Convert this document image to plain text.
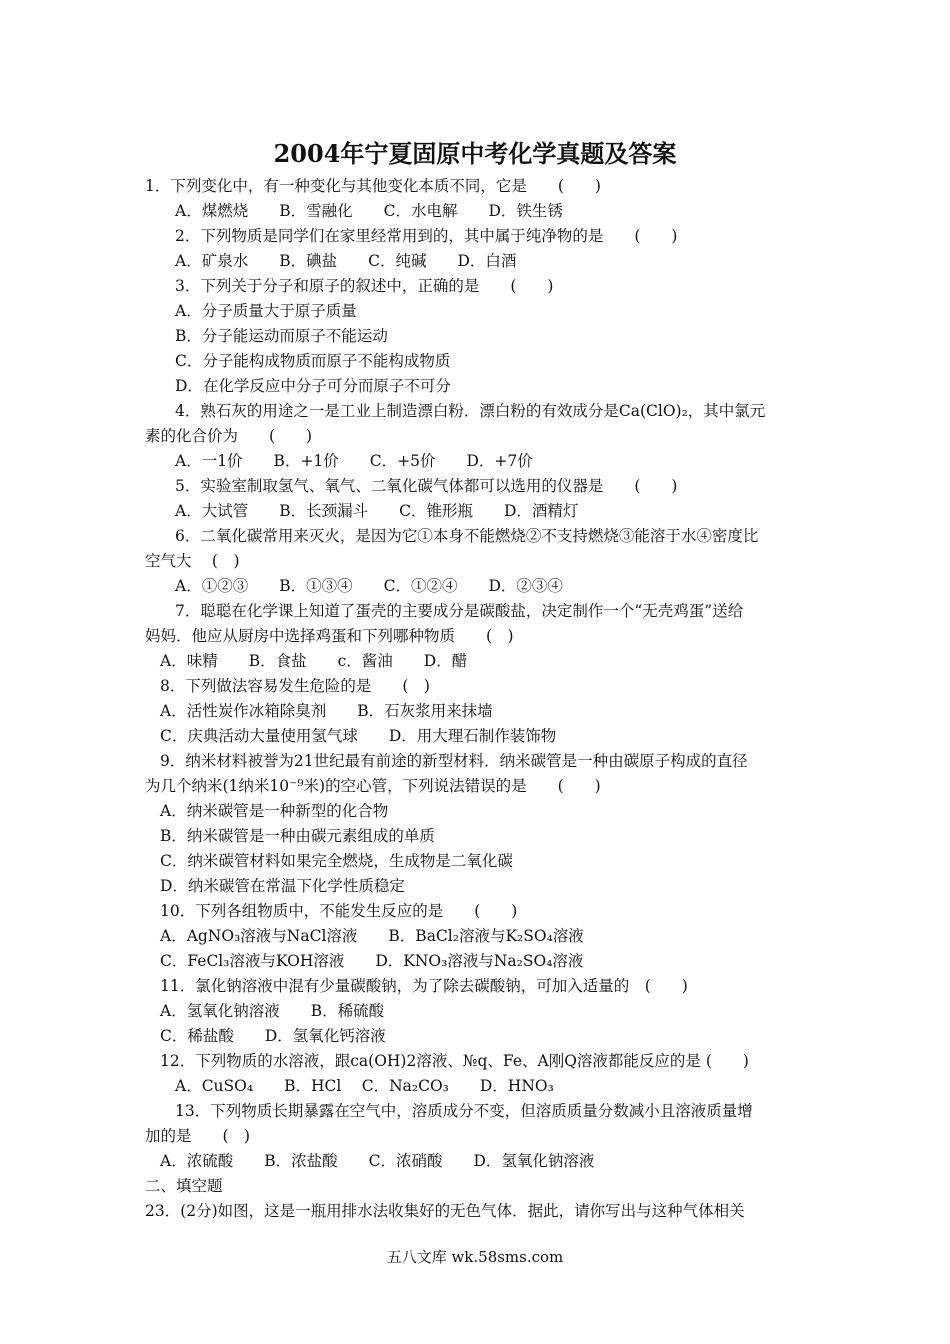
2004年宁夏固原中考化学真题及答案
1．下列变化中，有一种变化与其他变化本质不同，它是　　(　　)
A．煤燃烧　　B．雪融化　　C．水电解　　D．铁生锈
2．下列物质是同学们在家里经常用到的，其中属于纯净物的是　　(　　)
A．矿泉水　　B．碘盐　　C．纯碱　　D．白酒
3．下列关于分子和原子的叙述中，正确的是　　(　　)
A．分子质量大于原子质量
B．分子能运动而原子不能运动
C．分子能构成物质而原子不能构成物质
D．在化学反应中分子可分而原子不可分
4．熟石灰的用途之一是工业上制造漂白粉．漂白粉的有效成分是Ca(ClO)₂，其中氯元
素的化合价为　　(　　)
A．一1价　　B．+1价　　C．+5价　　D．+7价
5．实验室制取氢气、氧气、二氧化碳气体都可以选用的仪器是　　(　　)
A．大试管　　B．长颈漏斗　　C．锥形瓶　　D．酒精灯
6．二氧化碳常用来灭火，是因为它①本身不能燃烧②不支持燃烧③能溶于水④密度比
空气大　 (　)
A．①②③　　B．①③④　　C．①②④　　D．②③④
7．聪聪在化学课上知道了蛋壳的主要成分是碳酸盐，决定制作一个“无壳鸡蛋”送给
妈妈．他应从厨房中选择鸡蛋和下列哪种物质　　(　)
A．味精　　B．食盐　　c．酱油　　D．醋
8．下列做法容易发生危险的是　　(　)
A．活性炭作冰箱除臭剂　　B．石灰浆用来抹墙
C．庆典活动大量使用氢气球　　D．用大理石制作装饰物
9．纳米材料被誉为21世纪最有前途的新型材料．纳米碳管是一种由碳原子构成的直径
为几个纳米(1纳米10⁻⁹米)的空心管，下列说法错误的是　　(　　)
A．纳米碳管是一种新型的化合物
B．纳米碳管是一种由碳元素组成的单质
C．纳米碳管材料如果完全燃烧，生成物是二氧化碳
D．纳米碳管在常温下化学性质稳定
10．下列各组物质中，不能发生反应的是　　(　　)
A．AgNO₃溶液与NaCl溶液　　B．BaCl₂溶液与K₂SO₄溶液
C．FeCl₃溶液与KOH溶液　　D．KNO₃溶液与Na₂SO₄溶液
11．氯化钠溶液中混有少量碳酸钠，为了除去碳酸钠，可加入适量的　(　　)
A．氢氧化钠溶液　　B．稀硫酸
C．稀盐酸　　D．氢氧化钙溶液
12．下列物质的水溶液，跟ca(OH)2溶液、№q、Fe、A刚Q溶液都能反应的是 (　　)
A．CuSO₄　　B．HCl　 C．Na₂CO₃　　D．HNO₃
13．下列物质长期暴露在空气中，溶质成分不变，但溶质质量分数减小且溶液质量增
加的是　　(　)
A．浓硫酸　　B．浓盐酸　　C．浓硝酸　　D．氢氧化钠溶液
二、填空题
23．(2分)如图，这是一瓶用排水法收集好的无色气体．据此，请你写出与这种气体相关
五八文库 wk.58sms.com
